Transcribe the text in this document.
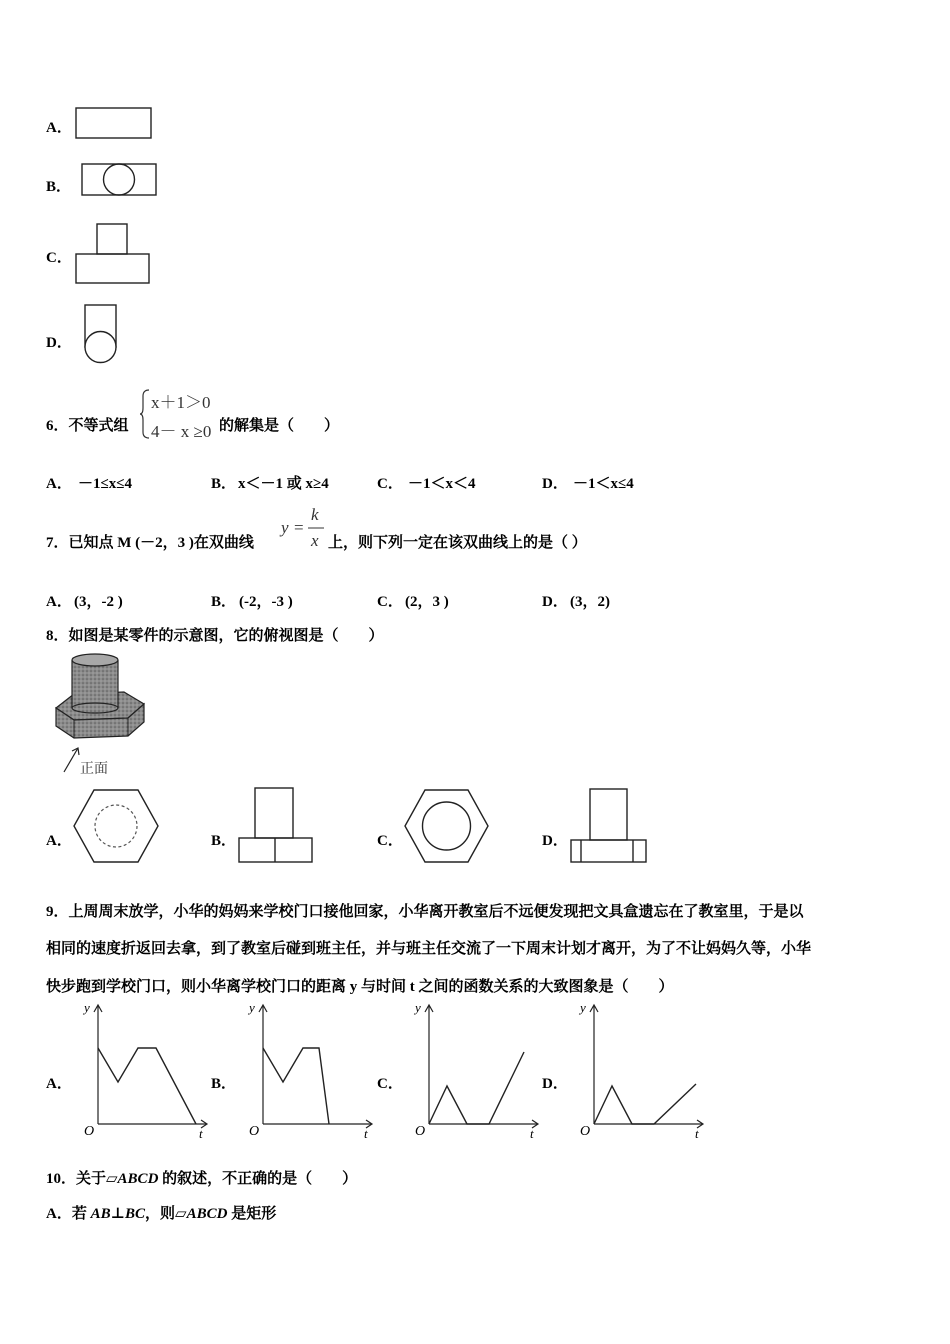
A．
B．
C．
D．
6．不等式组
x＋1＞0
4－ x ≥0 的解集是（　　）
A． －1≤x≤4	B． x＜－1 或 x≥4	C． －1＜x＜4	D． －1＜x≤4
7．已知点 M (－2，3 )在双曲线
y =
k
x 上，则下列一定在该双曲线上的是（ ）
A． (3，-2 )	B． (-2，-3 )	C． (2，3 )	D． (3，2)
8．如图是某零件的示意图，它的俯视图是（　　）
正面
A．	B．	C．	D．
9．上周周末放学，小华的妈妈来学校门口接他回家，小华离开教室后不远便发现把文具盒遗忘在了教室里，于是以
相同的速度折返回去拿，到了教室后碰到班主任，并与班主任交流了一下周末计划才离开，为了不让妈妈久等，小华
快步跑到学校门口，则小华离学校门口的距离 y 与时间 t 之间的函数关系的大致图象是（　　）
A．	B．	C．	D．
y
t
O
y
t
O
y
t
O
y
t
O
10．关于▱ABCD 的叙述，不正确的是（　　）
A．若 AB⊥BC，则▱ABCD 是矩形
